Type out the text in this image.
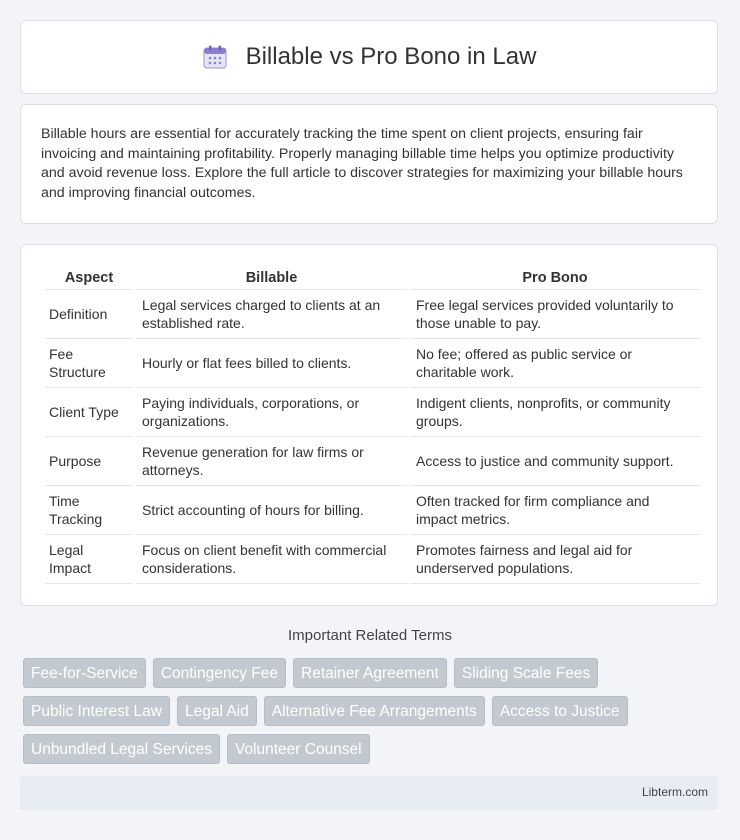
Billable vs Pro Bono in Law

Billable hours are essential for accurately tracking the time spent on client projects, ensuring fair invoicing and maintaining profitability. Properly managing billable time helps you optimize productivity and avoid revenue loss. Explore the full article to discover strategies for maximizing your billable hours and improving financial outcomes.

Aspect	Billable	Pro Bono
Definition	Legal services charged to clients at an established rate.	Free legal services provided voluntarily to those unable to pay.
Fee Structure	Hourly or flat fees billed to clients.	No fee; offered as public service or charitable work.
Client Type	Paying individuals, corporations, or organizations.	Indigent clients, nonprofits, or community groups.
Purpose	Revenue generation for law firms or attorneys.	Access to justice and community support.
Time Tracking	Strict accounting of hours for billing.	Often tracked for firm compliance and impact metrics.
Legal Impact	Focus on client benefit with commercial considerations.	Promotes fairness and legal aid for underserved populations.
Important Related Terms
Fee-for-Service	Contingency Fee	Retainer Agreement	Sliding Scale Fees
Public Interest Law	Legal Aid	Alternative Fee Arrangements	Access to Justice
Unbundled Legal Services	Volunteer Counsel
Libterm.com
